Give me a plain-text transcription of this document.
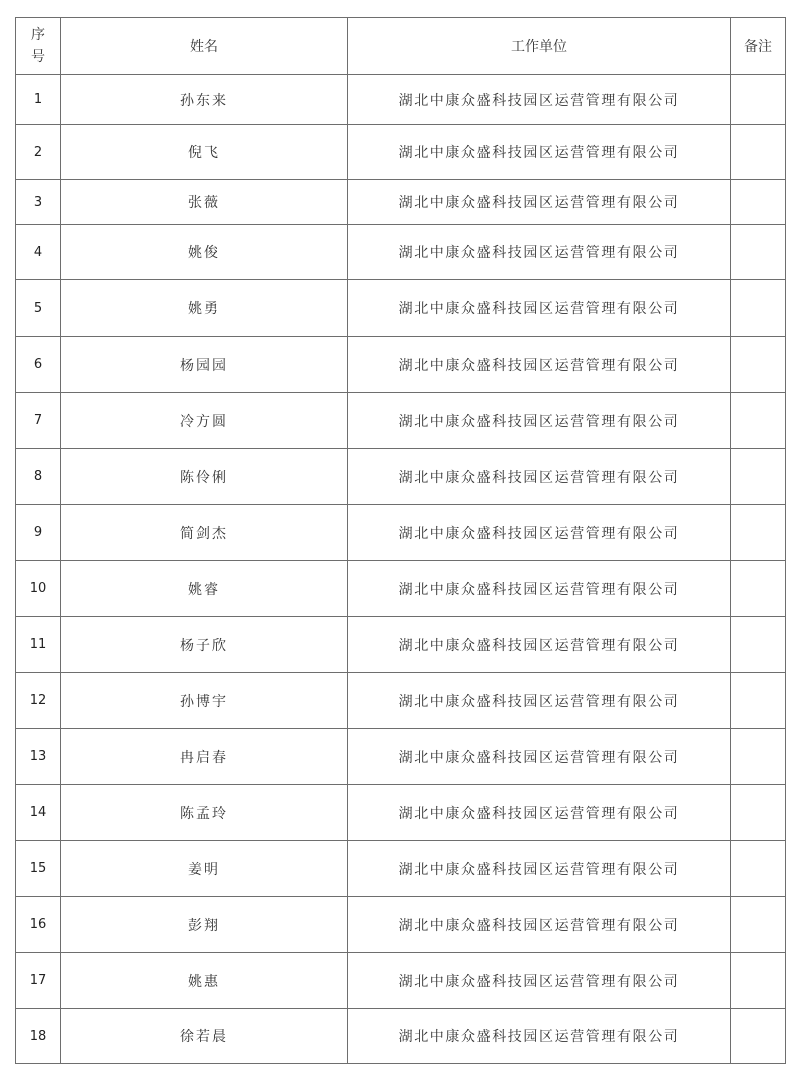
序
号	姓名	工作单位	备注
1	孙东来	湖北中康众盛科技园区运营管理有限公司	
2	倪飞	湖北中康众盛科技园区运营管理有限公司	
3	张薇	湖北中康众盛科技园区运营管理有限公司	
4	姚俊	湖北中康众盛科技园区运营管理有限公司	
5	姚勇	湖北中康众盛科技园区运营管理有限公司	
6	杨园园	湖北中康众盛科技园区运营管理有限公司	
7	冷方圆	湖北中康众盛科技园区运营管理有限公司	
8	陈伶俐	湖北中康众盛科技园区运营管理有限公司	
9	简剑杰	湖北中康众盛科技园区运营管理有限公司	
10	姚睿	湖北中康众盛科技园区运营管理有限公司	
11	杨子欣	湖北中康众盛科技园区运营管理有限公司	
12	孙博宇	湖北中康众盛科技园区运营管理有限公司	
13	冉启春	湖北中康众盛科技园区运营管理有限公司	
14	陈孟玲	湖北中康众盛科技园区运营管理有限公司	
15	姜明	湖北中康众盛科技园区运营管理有限公司	
16	彭翔	湖北中康众盛科技园区运营管理有限公司	
17	姚惠	湖北中康众盛科技园区运营管理有限公司	
18	徐若晨	湖北中康众盛科技园区运营管理有限公司	
